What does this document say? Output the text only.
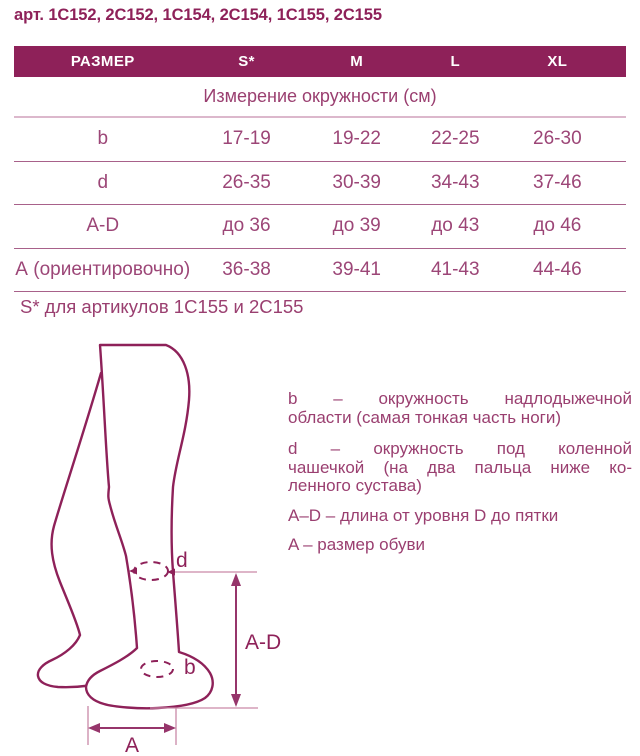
арт. 1C152, 2C152, 1C154, 2C154, 1C155, 2C155
РАЗМЕР	S*	M	L	XL
Измерение окружности (см)
b	17-19	19-22	22-25	26-30
d	26-35	30-39	34-43	37-46
A-D	до 36	до 39	до 43	до 46
А (ориентировочно)	36-38	39-41	41-43	44-46
S* для артикулов 1C155 и 2C155
d
b
A-D
A
b – окружность надлодыжечной
области (самая тонкая часть ноги)
d – окружность под коленной
чашечкой (на два пальца ниже ко-
ленного сустава)
A–D – длина от уровня D до пятки
A – размер обуви
